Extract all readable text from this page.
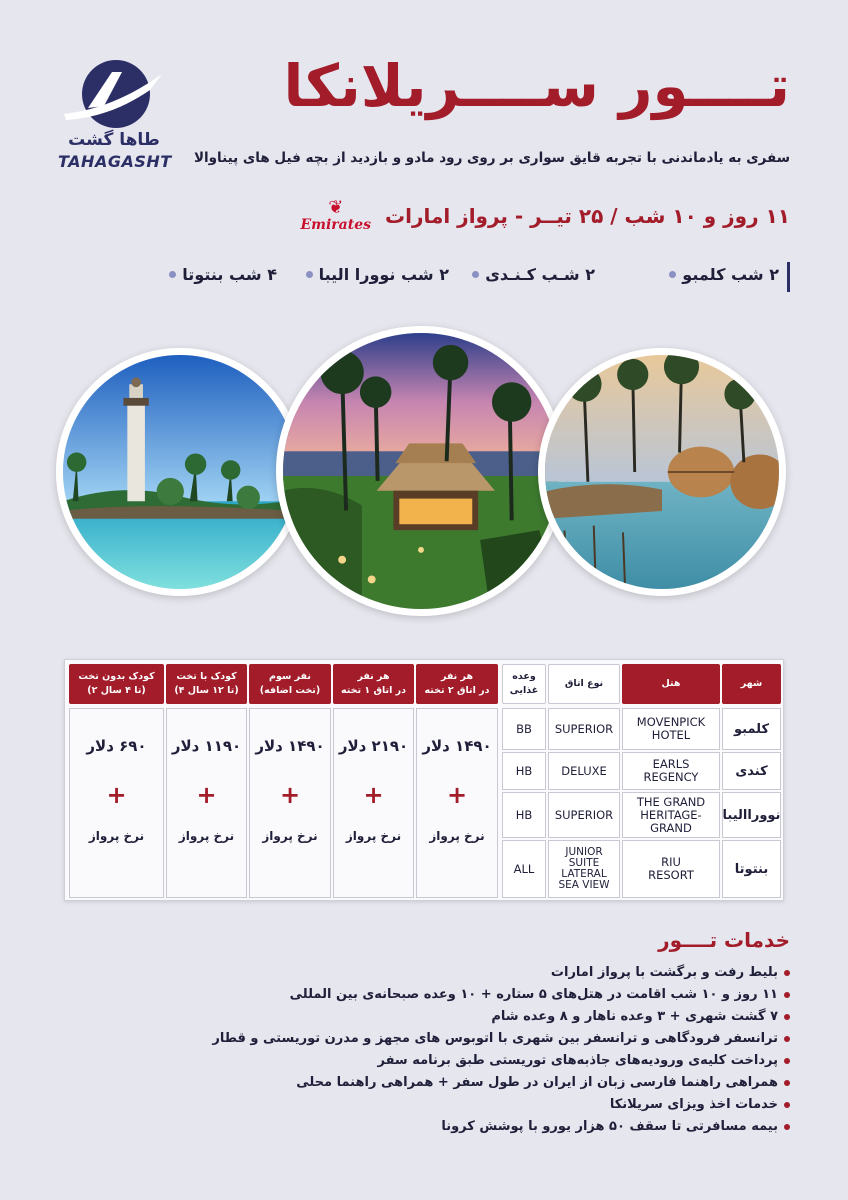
طاها گشت
TAHAGASHT
تــــور ســــریلانکا
سفری به یادماندنی با تجربه قایق سواری بر روی رود مادو و بازدید از بچه فیل های پیناوالا
۱۱ روز و ۱۰ شب / ۲۵ تیــر - پرواز امارات
❦
Emirates
۲ شب کلمبو
۲ شـب کـنـدی
۲ شب نوورا الیبا
۴ شب بنتوتا
شهر
هتل
نوع اتاق
وعده
غذایی
هر نفر
در اتاق ۲ تخته
هر نفر
در اتاق ۱ تخته
نفر سوم
(تخت اضافه)
کودک با تخت
(۴ تا ۱۲ سال)
کودک بدون تخت
(۲ تا ۴ سال)
۱۴۹۰ دلار
+
نرخ پرواز
۲۱۹۰ دلار
+
نرخ پرواز
۱۴۹۰ دلار
+
نرخ پرواز
۱۱۹۰ دلار
+
نرخ پرواز
۶۹۰ دلار
+
نرخ پرواز
کلمبو
MOVENPICK
HOTEL
SUPERIOR
BB
کندی
EARLS
REGENCY
DELUXE
HB
نووراالیبا
THE GRAND
HERITAGE-
GRAND
SUPERIOR
HB
بنتوتا
RIU
RESORT
JUNIOR
SUITE
LATERAL
SEA VIEW
ALL
خدمات تــــور
بلیط رفت و برگشت با پرواز امارات
۱۱ روز و ۱۰ شب اقامت در هتل‌های ۵ ستاره + ۱۰ وعده صبحانه‌ی بین المللی
۷ گشت شهری + ۳ وعده ناهار و ۸ وعده شام
ترانسفر فرودگاهی و ترانسفر بین شهری با اتوبوس های مجهز و مدرن توریستی و قطار
پرداخت کلیه‌ی ورودیه‌های جاذبه‌های توریستی طبق برنامه سفر
همراهی راهنما فارسی زبان از ایران در طول سفر + همراهی راهنما محلی
خدمات اخذ ویزای سریلانکا
بیمه مسافرتی تا سقف ۵۰ هزار یورو با پوشش کرونا
